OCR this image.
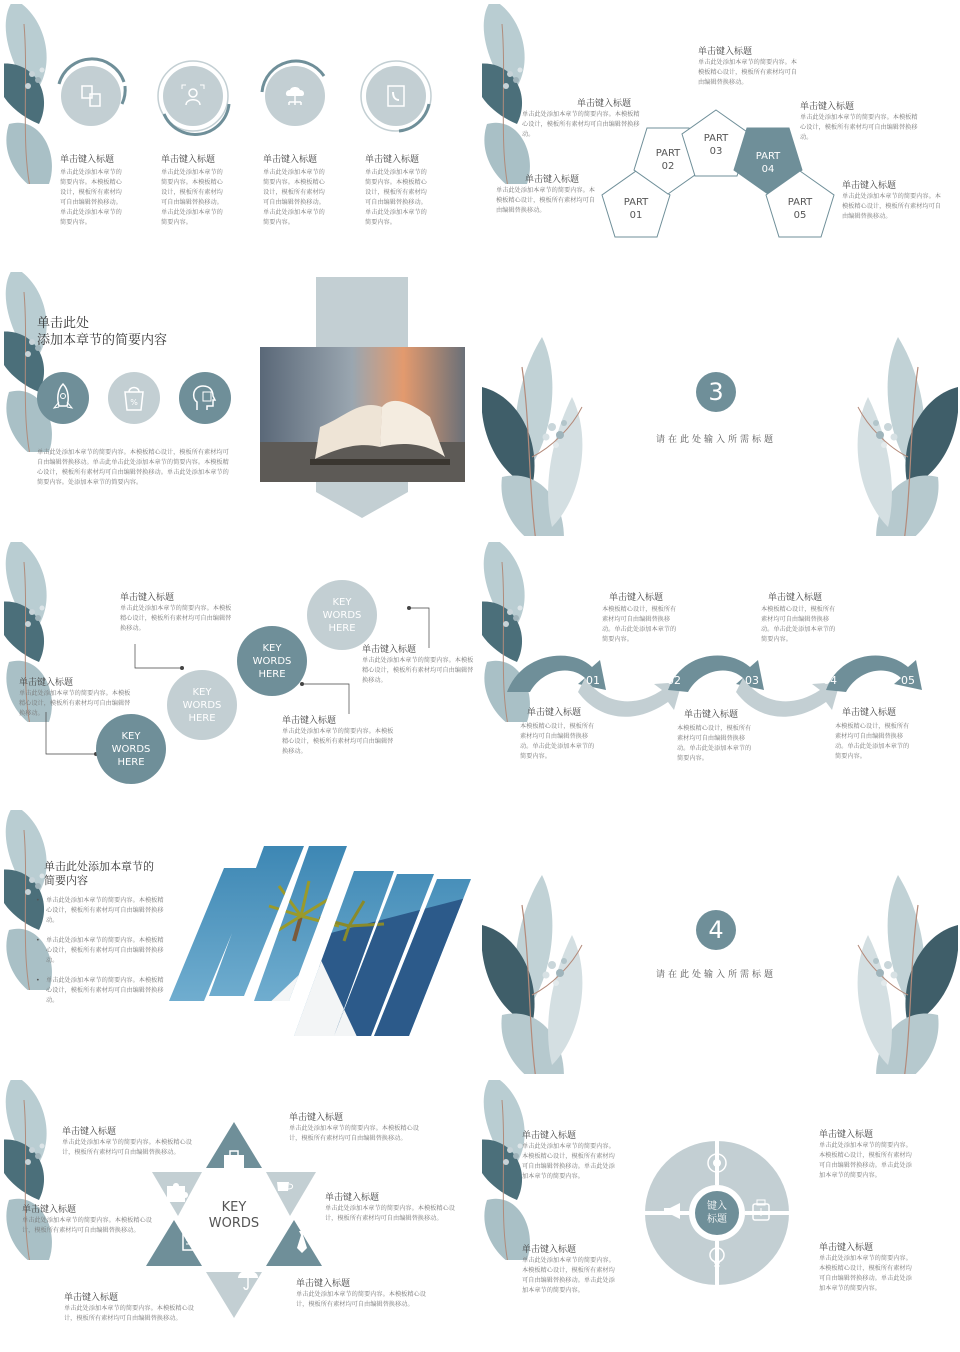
单击键入标题
单击此处添加本章节的简要内容。本模板精心设计，模板所有素材均可自由编辑替换移动。单击此处添加本章节的简要内容。
单击键入标题
单击此处添加本章节的简要内容。本模板精心设计，模板所有素材均可自由编辑替换移动。单击此处添加本章节的简要内容。
单击键入标题
单击此处添加本章节的简要内容。本模板精心设计，模板所有素材均可自由编辑替换移动。单击此处添加本章节的简要内容。
单击键入标题
单击此处添加本章节的简要内容。本模板精心设计，模板所有素材均可自由编辑替换移动。单击此处添加本章节的简要内容。
PART
01
PART
02
PART
03	PART
04
PART
05
单击键入标题
单击此处添加本章节的简要内容。本模板精心设计，模板所有素材均可自由编辑替换移动。
单击键入标题
单击此处添加本章节的简要内容。本模板精心设计，模板所有素材均可自由编辑替换移动。
单击键入标题
单击此处添加本章节的简要内容。本模板精心设计，模板所有素材均可自由编辑替换移动。
单击键入标题
单击此处添加本章节的简要内容。本模板精心设计，模板所有素材均可自由编辑替换移动。
单击键入标题
单击此处添加本章节的简要内容。本模板精心设计，模板所有素材均可自由编辑替换移动。
单击此处
添加本章节的简要内容
%
单击此处添加本章节的简要内容。本模板精心设计，模板所有素材均可自由编辑替换移动。单击此单击此处添加本章节的简要内容。本模板精心设计，模板所有素材均可自由编辑替换移动。单击此处添加本章节的简要内容。处添加本章节的简要内容。
3
请在此处输入所需标题
KEY
WORDS
HERE
KEY
WORDS
HERE
KEY
WORDS
HERE
KEY
WORDS
HERE
单击键入标题
单击此处添加本章节的简要内容。本模板精心设计，模板所有素材均可自由编辑替换移动。
单击键入标题
单击此处添加本章节的简要内容。本模板精心设计，模板所有素材均可自由编辑替换移动。
单击键入标题
单击此处添加本章节的简要内容。本模板精心设计，模板所有素材均可自由编辑替换移动。
单击键入标题
单击此处添加本章节的简要内容。本模板精心设计，模板所有素材均可自由编辑替换移动。
01	02	03	04	05
单击键入标题
本模板精心设计，模板所有素材均可自由编辑替换移动。单击此处添加本章节的简要内容。
单击键入标题
本模板精心设计，模板所有素材均可自由编辑替换移动。单击此处添加本章节的简要内容。
单击键入标题
本模板精心设计，模板所有素材均可自由编辑替换移动。单击此处添加本章节的简要内容。
单击键入标题
本模板精心设计，模板所有素材均可自由编辑替换移动。单击此处添加本章节的简要内容。
单击键入标题
本模板精心设计，模板所有素材均可自由编辑替换移动。单击此处添加本章节的简要内容。
单击此处添加本章节的
简要内容
• 单击此处添加本章节的简要内容。本模板精心设计，模板所有素材均可自由编辑替换移动。
• 单击此处添加本章节的简要内容。本模板精心设计，模板所有素材均可自由编辑替换移动。
• 单击此处添加本章节的简要内容。本模板精心设计，模板所有素材均可自由编辑替换移动。
4
请在此处输入所需标题
KEY
WORDS
单击键入标题
单击此处添加本章节的简要内容。本模板精心设计，模板所有素材均可自由编辑替换移动。
单击键入标题
单击此处添加本章节的简要内容。本模板精心设计，模板所有素材均可自由编辑替换移动。
单击键入标题
单击此处添加本章节的简要内容。本模板精心设计，模板所有素材均可自由编辑替换移动。
单击键入标题
单击此处添加本章节的简要内容。本模板精心设计，模板所有素材均可自由编辑替换移动。
单击键入标题
单击此处添加本章节的简要内容。本模板精心设计，模板所有素材均可自由编辑替换移动。
单击键入标题
单击此处添加本章节的简要内容。本模板精心设计，模板所有素材均可自由编辑替换移动。
键入
标题
单击键入标题
单击此处添加本章节的简要内容。本模板精心设计，模板所有素材均可自由编辑替换移动。单击此处添加本章节的简要内容。
单击键入标题
单击此处添加本章节的简要内容。本模板精心设计，模板所有素材均可自由编辑替换移动。单击此处添加本章节的简要内容。
单击键入标题
单击此处添加本章节的简要内容。本模板精心设计，模板所有素材均可自由编辑替换移动。单击此处添加本章节的简要内容。
单击键入标题
单击此处添加本章节的简要内容。本模板精心设计，模板所有素材均可自由编辑替换移动。单击此处添加本章节的简要内容。
